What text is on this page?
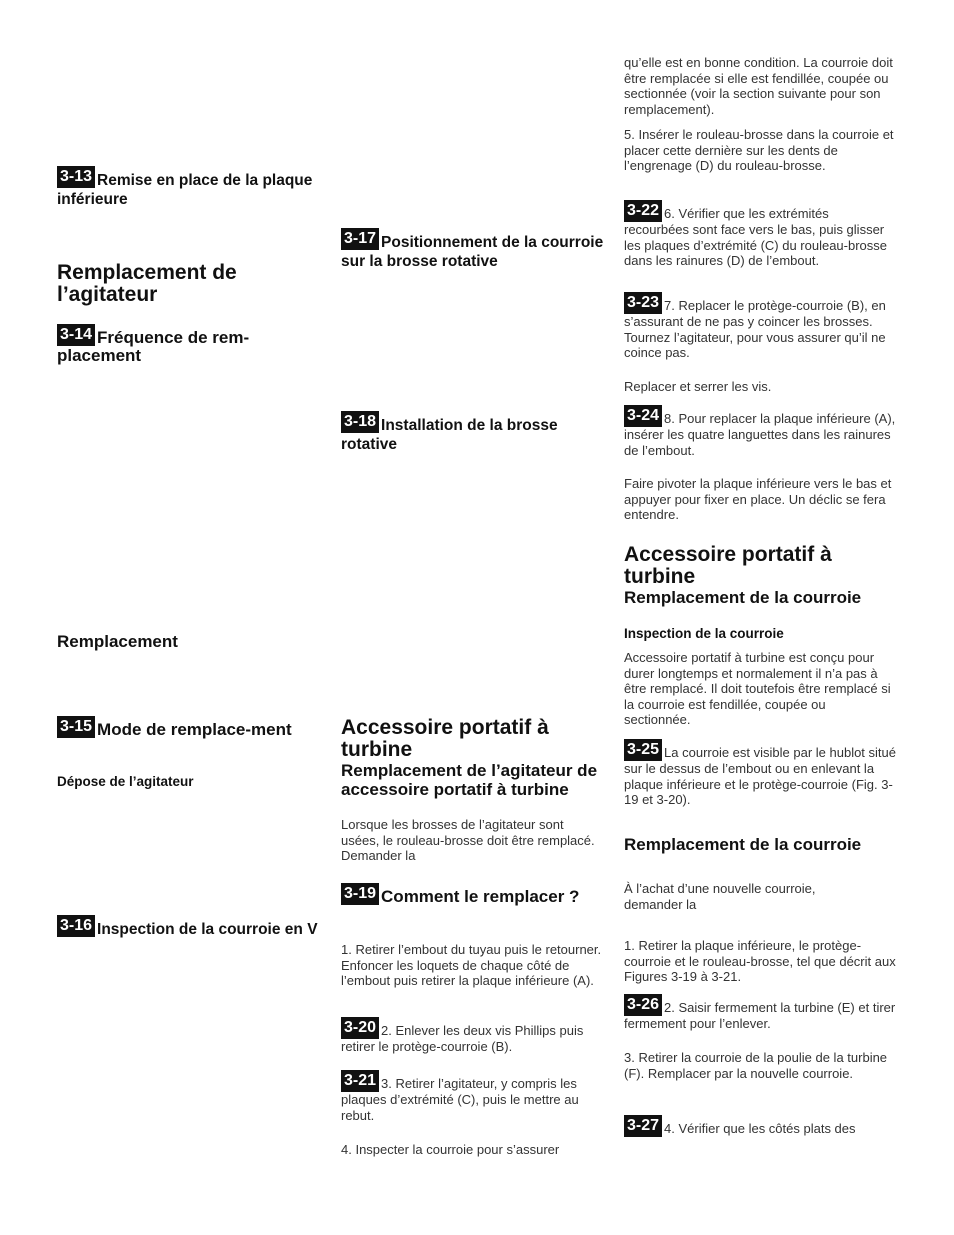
3-13 Remise en place de la plaque inférieure
Remplacement de l’agitateur
3-14 Fréquence de rem-placement
Remplacement
3-15 Mode de remplace-ment
Dépose de l’agitateur
3-16 Inspection de la courroie en V
3-17 Positionnement de la courroie sur la brosse rotative
3-18 Installation de la brosse rotative
Accessoire portatif à turbine
Remplacement de l’agitateur de accessoire portatif à turbine
Lorsque les brosses de l’agitateur sont usées, le rouleau-brosse doit être remplacé. Demander la
3-19 Comment le remplacer ?
1. Retirer l’embout du tuyau puis le retourner. Enfoncer les loquets de chaque côté de l’embout puis retirer la plaque inférieure (A).
3-20 2. Enlever les deux vis Phillips puis retirer le protège-courroie (B).
3-21 3. Retirer l’agitateur, y compris les plaques d’extrémité (C), puis le mettre au rebut.
4. Inspecter la courroie pour s’assurer
qu’elle est en bonne condition. La courroie doit être remplacée si elle est fendillée, coupée ou sectionnée (voir la section suivante pour son remplacement).
5. Insérer le rouleau-brosse dans la courroie et placer cette dernière sur les dents de l’engrenage (D) du rouleau-brosse.
3-22 6. Vérifier que les extrémités recourbées sont face vers le bas, puis glisser les plaques d’extrémité (C) du rouleau-brosse dans les rainures (D) de l’embout.
3-23 7. Replacer le protège-courroie (B), en s’assurant de ne pas y coincer les brosses. Tournez l’agitateur, pour vous assurer qu’il ne coince pas.
Replacer et serrer les vis.
3-24 8. Pour replacer la plaque inférieure (A), insérer les quatre languettes dans les rainures de l’embout.
Faire pivoter la plaque inférieure vers le bas et appuyer pour fixer en place. Un déclic se fera entendre.
Accessoire portatif à turbine
Remplacement de la courroie
Inspection de la courroie
Accessoire portatif à turbine est conçu pour durer longtemps et normalement il n’a pas à être remplacé. Il doit toutefois être remplacé si la courroie est fendillée, coupée ou sectionnée.
3-25 La courroie est visible par le hublot situé sur le dessus de l’embout ou en enlevant la plaque inférieure et le protège-courroie (Fig. 3-19 et 3-20).
Remplacement de la courroie
À l’achat d’une nouvelle courroie, demander la
1. Retirer la plaque inférieure, le protège-courroie et le rouleau-brosse, tel que décrit aux Figures 3-19 à 3-21.
3-26 2. Saisir fermement la turbine (E) et tirer fermement pour l’enlever.
3. Retirer la courroie de la poulie de la turbine (F). Remplacer par la nouvelle courroie.
3-27 4. Vérifier que les côtés plats des
